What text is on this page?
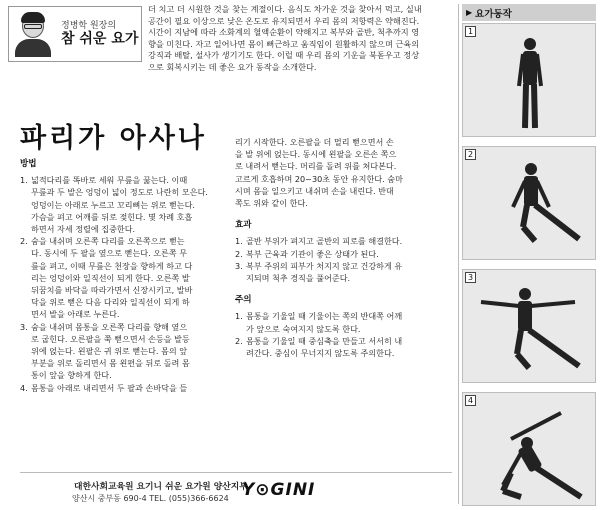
정병학 원장의
참 쉬운 요가
더 치고 더 시원한 것을 찾는 계절이다. 음식도 차가운 것을 찾아서 먹고, 실내
공간이 필요 이상으로 낮은 온도로 유지되면서 우리 몸의 저항력은 약해진다.
시간이 지남에 따라 소화계의 혈액순환이 약해지고 복부와 골반, 척추까지 영
향을 미친다. 자고 일어나면 몸이 뻐근하고 움직임이 원활하지 않으며 근육의
강직과 배탈, 설사가 생기기도 한다. 이럴 때 우리 몸의 기운을 북돋우고 정상
으로 회복시키는 데 좋은 요가 동작을 소개한다.
파리가 아사나
방법
1. 넓적다리를 똑바로 세워 무릎을 꿇는다. 이때
무릎과 두 발은 엉덩이 넓이 정도로 나란히 모은다.
엉덩이는 아래로 누르고 꼬리뼈는 위로 뻗는다.
가슴을 펴고 어깨를 뒤로 젖힌다. 몇 차례 호흡
하면서 자세 정렬에 집중한다.
2. 숨을 내쉬며 오른쪽 다리를 오른쪽으로 뻗는
다. 동시에 두 팔을 옆으로 뻗는다. 오른쪽 무
릎을 펴고, 이때 무릎은 천장을 향하게 하고 다
리는 엉덩이와 일직선이 되게 한다. 오른쪽 발
뒤꿈치를 바닥을 따라가면서 신장시키고, 발바
닥을 위로 뻗은 다음 다리와 일직선이 되게 하
면서 발을 아래로 누른다.
3. 숨을 내쉬며 몸통을 오른쪽 다리를 향해 옆으
로 굽힌다. 오른팔을 쭉 뻗으면서 손등을 발등
위에 얹는다. 왼팔은 귀 위로 뻗는다. 몸의 앞
부분을 위로 돌리면서 몸 왼편을 뒤로 돌려 몸
통이 앞을 향하게 한다.
4. 몸통을 아래로 내리면서 두 팔과 손바닥을 들
리기 시작한다. 오른팔을 더 멀리 뻗으면서 손
을 발 위에 얹는다. 동시에 왼팔을 오른손 쪽으
로 내려서 뻗는다. 머리를 돌려 위를 쳐다본다.
고르게 호흡하며 20~30초 동안 유지한다. 숨마
시며 몸을 일으키고 내쉬며 손을 내린다. 반대
쪽도 위와 같이 한다.
효과
1. 골반 부위가 펴지고 골반의 피로를 해결한다.
2. 복부 근육과 기관이 좋은 상태가 된다.
3. 복부 주위의 피부가 처지지 않고 건강하게 유
지되며 척추 경직을 풀어준다.
주의
1. 몸통을 기울일 때 기울이는 쪽의 반대쪽 어깨
가 앞으로 숙여지지 않도록 한다.
2. 몸통을 기울일 때 중심축을 만들고 서서히 내
려간다. 중심이 무너지지 않도록 주의한다.
대한사회교육원 요기니 쉬운 요가원 양산지부
양산시 중부동 690-4 TEL. (055)366-6624 Y⊙GINI
▶ 요가동작
1
2
3
4
